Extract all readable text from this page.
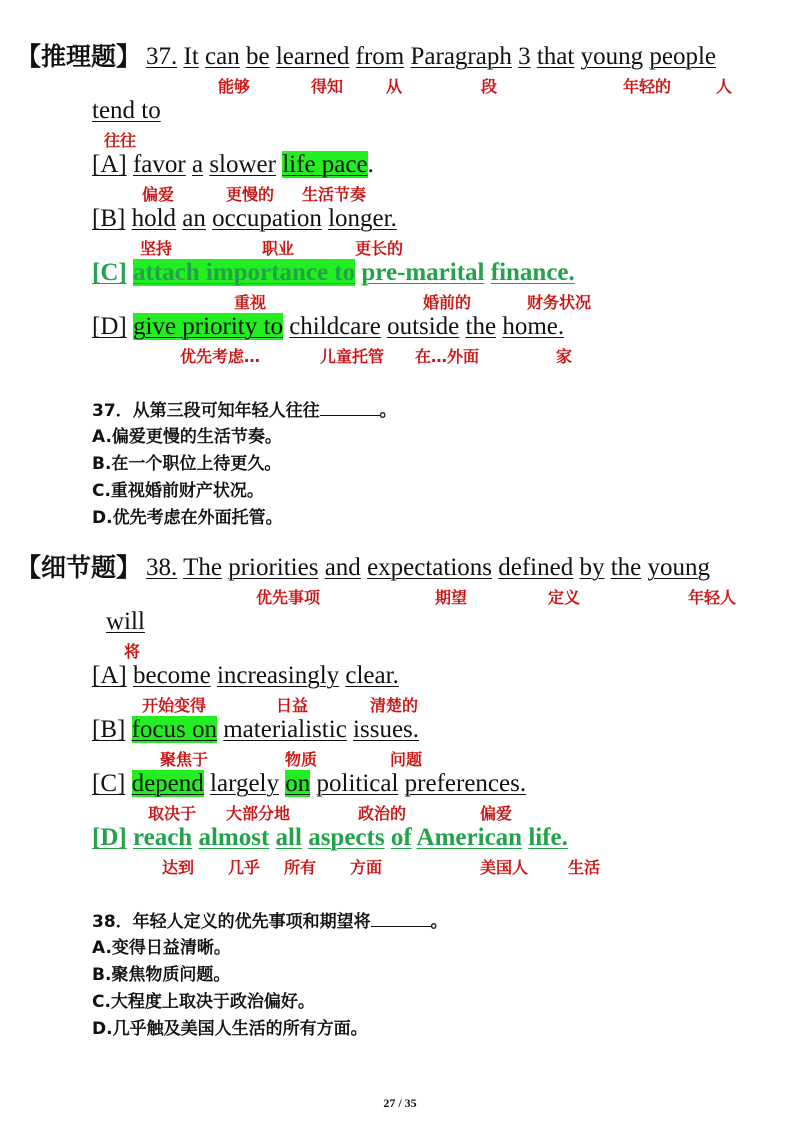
【推理题】 37. It can be learned from Paragraph 3 that young people
能够	得知	从	段	年轻的	人
tend to
往往
[A] favor a slower life pace.
偏爱	更慢的 生活节奏
[B] hold an occupation longer.
坚持	职业	更长的
[C] attach importance to pre-marital finance.
重视	婚前的	财务状况
[D] give priority to childcare outside the home.
优先考虑…	儿童托管 在…外面	家
37．从第三段可知年轻人往往	。
A.偏爱更慢的生活节奏。
B.在一个职位上待更久。
C.重视婚前财产状况。
D.优先考虑在外面托管。
【细节题】 38. The priorities and expectations defined by the young
优先事项	期望	定义	年轻人
will
将
[A] become increasingly clear.
开始变得	日益	清楚的
[B] focus on materialistic issues.
聚焦于	物质	问题
[C] depend largely on political preferences.
取决于 大部分地	政治的	偏爱
[D] reach almost all aspects of American life.
达到 几乎 所有 方面	美国人 生活
38．年轻人定义的优先事项和期望将	。
A.变得日益清晰。
B.聚焦物质问题。
C.大程度上取决于政治偏好。
D.几乎触及美国人生活的所有方面。
27 / 35
